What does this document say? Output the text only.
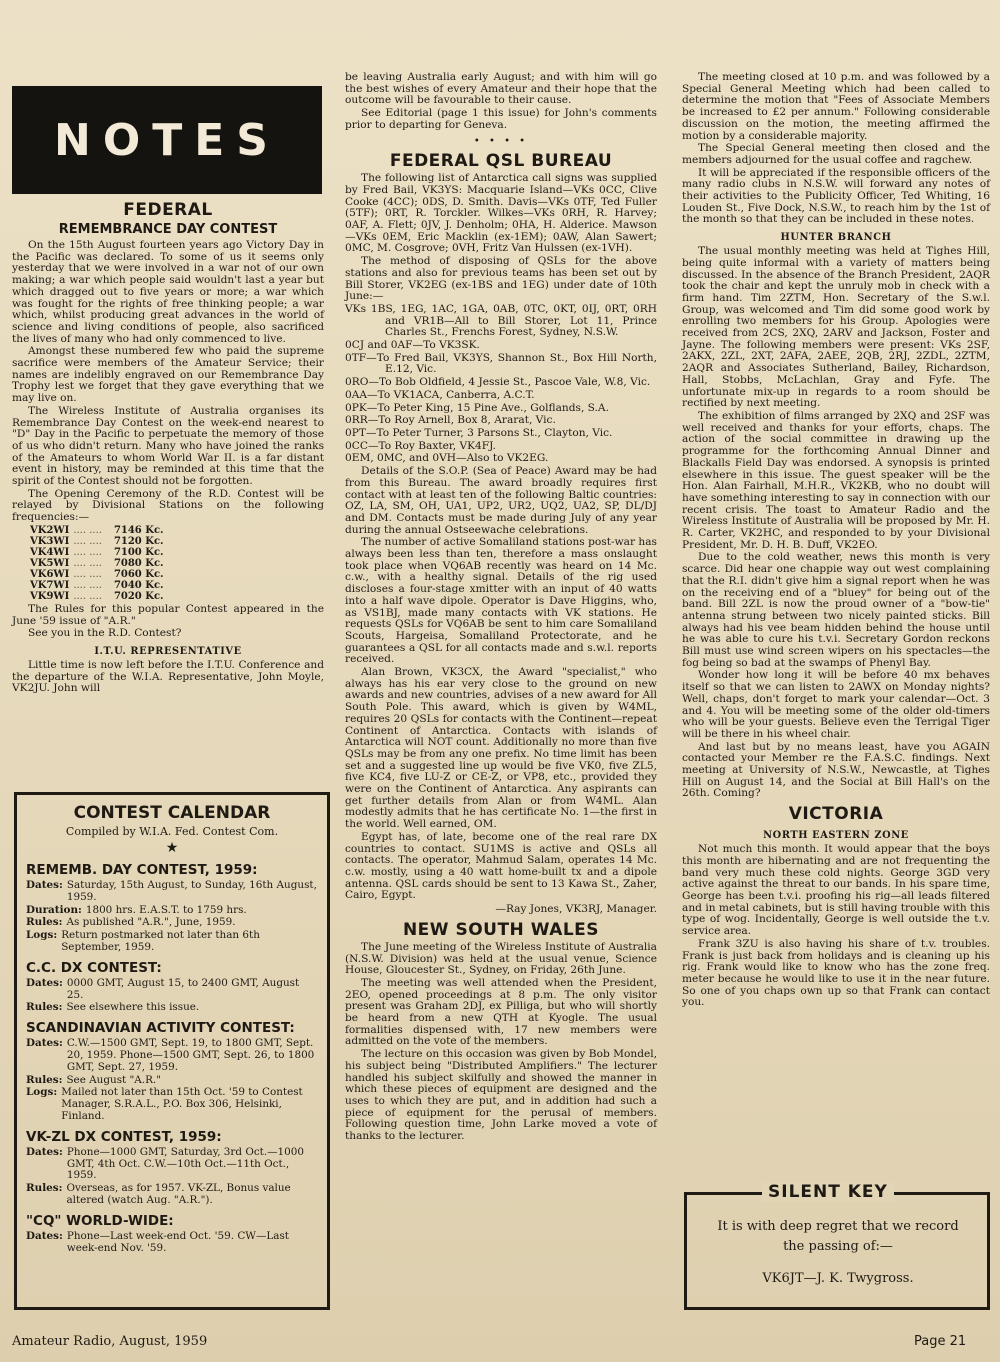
NOTES
FEDERAL
REMEMBRANCE DAY CONTEST

On the 15th August fourteen years ago Victory Day in the Pacific was declared. To some of us it seems only yesterday that we were involved in a war not of our own making; a war which people said wouldn't last a year but which dragged out to five years or more; a war which was fought for the rights of free thinking people; a war which, whilst producing great advances in the world of science and living conditions of people, also sacrificed the lives of many who had only commenced to live.

Amongst these numbered few who paid the supreme sacrifice were members of the Amateur Service; their names are indelibly engraved on our Remembrance Day Trophy lest we forget that they gave everything that we may live on.

The Wireless Institute of Australia organises its Remembrance Day Contest on the week-end nearest to "D" Day in the Pacific to perpetuate the memory of those of us who didn't return. Many who have joined the ranks of the Amateurs to whom World War II. is a far distant event in history, may be reminded at this time that the spirit of the Contest should not be forgotten.

The Opening Ceremony of the R.D. Contest will be relayed by Divisional Stations on the following frequencies:—

VK2WI	.... ....	7146 Kc.
VK3WI	.... ....	7120 Kc.
VK4WI	.... ....	7100 Kc.
VK5WI	.... ....	7080 Kc.
VK6WI	.... ....	7060 Kc.
VK7WI	.... ....	7040 Kc.
VK9WI	.... ....	7020 Kc.

The Rules for this popular Contest appeared in the June '59 issue of "A.R."

See you in the R.D. Contest?

I.T.U. REPRESENTATIVE

Little time is now left before the I.T.U. Conference and the departure of the W.I.A. Representative, John Moyle, VK2JU. John will

CONTEST CALENDAR
Compiled by W.I.A. Fed. Contest Com.
★
REMEMB. DAY CONTEST, 1959:
Dates: Saturday, 15th August, to Sunday, 16th August, 1959.
Duration: 1800 hrs. E.A.S.T. to 1759 hrs.
Rules: As published "A.R.", June, 1959.
Logs: Return postmarked not later than 6th September, 1959.
C.C. DX CONTEST:
Dates: 0000 GMT, August 15, to 2400 GMT, August 25.
Rules: See elsewhere this issue.
SCANDINAVIAN ACTIVITY CONTEST:
Dates: C.W.—1500 GMT, Sept. 19, to 1800 GMT, Sept. 20, 1959. Phone—1500 GMT, Sept. 26, to 1800 GMT, Sept. 27, 1959.
Rules: See August "A.R."
Logs: Mailed not later than 15th Oct. '59 to Contest Manager, S.R.A.L., P.O. Box 306, Helsinki, Finland.
VK-ZL DX CONTEST, 1959:
Dates: Phone—1000 GMT, Saturday, 3rd Oct.—1000 GMT, 4th Oct. C.W.—10th Oct.—11th Oct., 1959.
Rules: Overseas, as for 1957. VK-ZL, Bonus value altered (watch Aug. "A.R.").
"CQ" WORLD-WIDE:
Dates: Phone—Last week-end Oct. '59. CW—Last week-end Nov. '59.

be leaving Australia early August; and with him will go the best wishes of every Amateur and their hope that the outcome will be favourable to their cause.

See Editorial (page 1 this issue) for John's comments prior to departing for Geneva.

• • • •
FEDERAL QSL BUREAU

The following list of Antarctica call signs was supplied by Fred Bail, VK3YS: Macquarie Island—VKs 0CC, Clive Cooke (4CC); 0DS, D. Smith. Davis—VKs 0TF, Ted Fuller (5TF); 0RT, R. Torckler. Wilkes—VKs 0RH, R. Harvey; 0AF, A. Flett; 0JV, J. Denholm; 0HA, H. Alderice. Mawson—VKs 0EM, Eric Macklin (ex-1EM); 0AW, Alan Sawert; 0MC, M. Cosgrove; 0VH, Fritz Van Hulssen (ex-1VH).

The method of disposing of QSLs for the above stations and also for previous teams has been set out by Bill Storer, VK2EG (ex-1BS and 1EG) under date of 10th June:—

VKs 1BS, 1EG, 1AC, 1GA, 0AB, 0TC, 0KT, 0IJ, 0RT, 0RH and VR1B—All to Bill Storer, Lot 11, Prince Charles St., Frenchs Forest, Sydney, N.S.W.

0CJ and 0AF—To VK3SK.

0TF—To Fred Bail, VK3YS, Shannon St., Box Hill North, E.12, Vic.

0RO—To Bob Oldfield, 4 Jessie St., Pascoe Vale, W.8, Vic.

0AA—To VK1ACA, Canberra, A.C.T.

0PK—To Peter King, 15 Pine Ave., Golflands, S.A.

0RR—To Roy Arnell, Box 8, Ararat, Vic.

0PT—To Peter Turner, 3 Parsons St., Clayton, Vic.

0CC—To Roy Baxter, VK4FJ.

0EM, 0MC, and 0VH—Also to VK2EG.

Details of the S.O.P. (Sea of Peace) Award may be had from this Bureau. The award broadly requires first contact with at least ten of the following Baltic countries: OZ, LA, SM, OH, UA1, UP2, UR2, UQ2, UA2, SP, DL/DJ and DM. Contacts must be made during July of any year during the annual Ostseewache celebrations.

The number of active Somaliland stations post-war has always been less than ten, therefore a mass onslaught took place when VQ6AB recently was heard on 14 Mc. c.w., with a healthy signal. Details of the rig used discloses a four-stage xmitter with an input of 40 watts into a half wave dipole. Operator is Dave Higgins, who, as VS1BJ, made many contacts with VK stations. He requests QSLs for VQ6AB be sent to him care Somaliland Scouts, Hargeisa, Somaliland Protectorate, and he guarantees a QSL for all contacts made and s.w.l. reports received.

Alan Brown, VK3CX, the Award "specialist," who always has his ear very close to the ground on new awards and new countries, advises of a new award for All South Pole. This award, which is given by W4ML, requires 20 QSLs for contacts with the Continent—repeat Continent of Antarctica. Contacts with islands of Antarctica will NOT count. Additionally no more than five QSLs may be from any one prefix. No time limit has been set and a suggested line up would be five VK0, five ZL5, five KC4, five LU-Z or CE-Z, or VP8, etc., provided they were on the Continent of Antarctica. Any aspirants can get further details from Alan or from W4ML. Alan modestly admits that he has certificate No. 1—the first in the world. Well earned, OM.

Egypt has, of late, become one of the real rare DX countries to contact. SU1MS is active and QSLs all contacts. The operator, Mahmud Salam, operates 14 Mc. c.w. mostly, using a 40 watt home-built tx and a dipole antenna. QSL cards should be sent to 13 Kawa St., Zaher, Cairo, Egypt.

—Ray Jones, VK3RJ, Manager.
NEW SOUTH WALES

The June meeting of the Wireless Institute of Australia (N.S.W. Division) was held at the usual venue, Science House, Gloucester St., Sydney, on Friday, 26th June.

The meeting was well attended when the President, 2EO, opened proceedings at 8 p.m. The only visitor present was Graham 2DJ, ex Pilliga, but who will shortly be heard from a new QTH at Kyogle. The usual formalities dispensed with, 17 new members were admitted on the vote of the members.

The lecture on this occasion was given by Bob Mondel, his subject being "Distributed Amplifiers." The lecturer handled his subject skilfully and showed the manner in which these pieces of equipment are designed and the uses to which they are put, and in addition had such a piece of equipment for the perusal of members. Following question time, John Larke moved a vote of thanks to the lecturer.

The meeting closed at 10 p.m. and was followed by a Special General Meeting which had been called to determine the motion that "Fees of Associate Members be increased to £2 per annum." Following considerable discussion on the motion, the meeting affirmed the motion by a considerable majority.

The Special General meeting then closed and the members adjourned for the usual coffee and ragchew.

It will be appreciated if the responsible officers of the many radio clubs in N.S.W. will forward any notes of their activities to the Publicity Officer, Ted Whiting, 16 Louden St., Five Dock, N.S.W., to reach him by the 1st of the month so that they can be included in these notes.

HUNTER BRANCH

The usual monthly meeting was held at Tighes Hill, being quite informal with a variety of matters being discussed. In the absence of the Branch President, 2AQR took the chair and kept the unruly mob in check with a firm hand. Tim 2ZTM, Hon. Secretary of the S.w.l. Group, was welcomed and Tim did some good work by enrolling two members for his Group. Apologies were received from 2CS, 2XQ, 2ARV and Jackson, Foster and Jayne. The following members were present: VKs 2SF, 2AKX, 2ZL, 2XT, 2AFA, 2AEE, 2QB, 2RJ, 2ZDL, 2ZTM, 2AQR and Associates Sutherland, Bailey, Richardson, Hall, Stobbs, McLachlan, Gray and Fyfe. The unfortunate mix-up in regards to a room should be rectified by next meeting.

The exhibition of films arranged by 2XQ and 2SF was well received and thanks for your efforts, chaps. The action of the social committee in drawing up the programme for the forthcoming Annual Dinner and Blackalls Field Day was endorsed. A synopsis is printed elsewhere in this issue. The guest speaker will be the Hon. Alan Fairhall, M.H.R., VK2KB, who no doubt will have something interesting to say in connection with our recent crisis. The toast to Amateur Radio and the Wireless Institute of Australia will be proposed by Mr. H. R. Carter, VK2HC, and responded to by your Divisional President, Mr. D. H. B. Duff, VK2EO.

Due to the cold weather, news this month is very scarce. Did hear one chappie way out west complaining that the R.I. didn't give him a signal report when he was on the receiving end of a "bluey" for being out of the band. Bill 2ZL is now the proud owner of a "bow-tie" antenna strung between two nicely painted sticks. Bill always had his vee beam hidden behind the house until he was able to cure his t.v.i. Secretary Gordon reckons Bill must use wind screen wipers on his spectacles—the fog being so bad at the swamps of Phenyl Bay.

Wonder how long it will be before 40 mx behaves itself so that we can listen to 2AWX on Monday nights? Well, chaps, don't forget to mark your calendar—Oct. 3 and 4. You will be meeting some of the older old-timers who will be your guests. Believe even the Terrigal Tiger will be there in his wheel chair.

And last but by no means least, have you AGAIN contacted your Member re the F.A.S.C. findings. Next meeting at University of N.S.W., Newcastle, at Tighes Hill on August 14, and the Social at Bill Hall's on the 26th. Coming?

VICTORIA
NORTH EASTERN ZONE

Not much this month. It would appear that the boys this month are hibernating and are not frequenting the band very much these cold nights. George 3GD very active against the threat to our bands. In his spare time, George has been t.v.i. proofing his rig—all leads filtered and in metal cabinets, but is still having trouble with this type of wog. Incidentally, George is well outside the t.v. service area.

Frank 3ZU is also having his share of t.v. troubles. Frank is just back from holidays and is cleaning up his rig. Frank would like to know who has the zone freq. meter because he would like to use it in the near future. So one of you chaps own up so that Frank can contact you.

SILENT KEY
It is with deep regret that we record the passing of:—
VK6JT—J. K. Twygross.
Amateur Radio, August, 1959	Page 21
